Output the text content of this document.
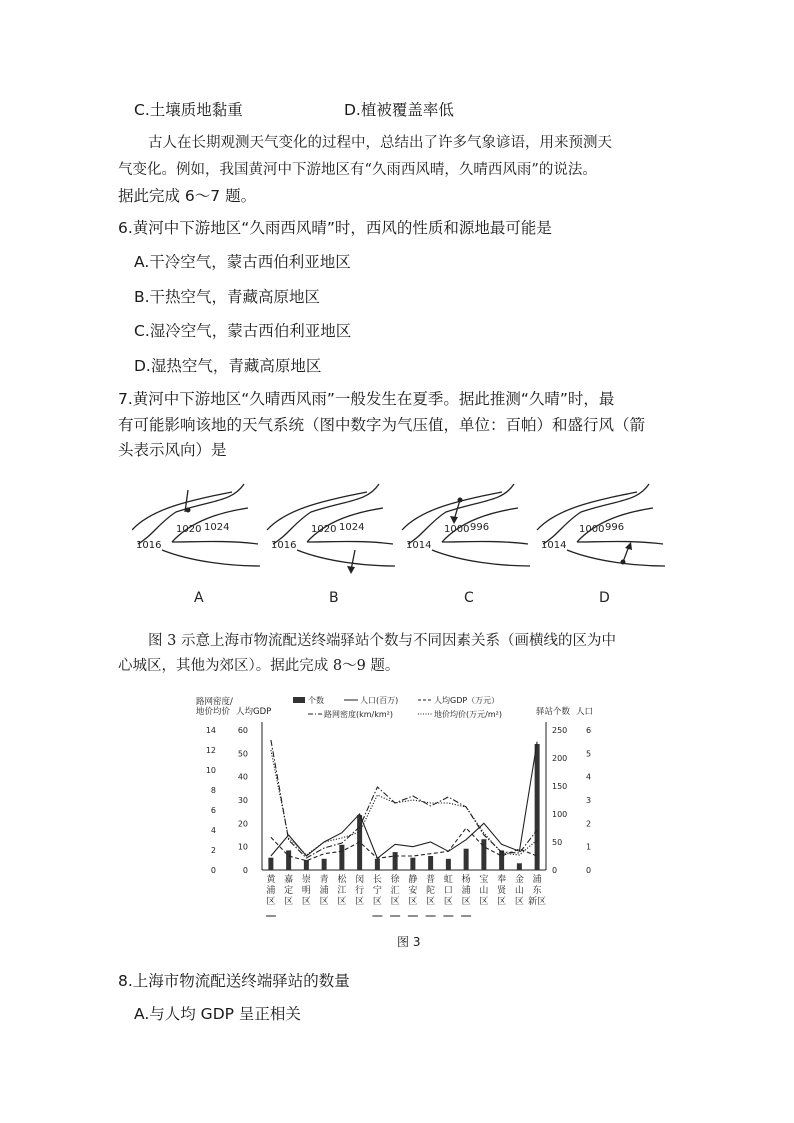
C.土壤质地黏重	D.植被覆盖率低
古人在长期观测天气变化的过程中，总结出了许多气象谚语，用来预测天
气变化。例如，我国黄河中下游地区有“久雨西风晴，久晴西风雨”的说法。
据此完成 6～7 题。
6.黄河中下游地区“久雨西风晴”时，西风的性质和源地最可能是
A.干冷空气，蒙古西伯利亚地区
B.干热空气，青藏高原地区
C.湿冷空气，蒙古西伯利亚地区
D.湿热空气，青藏高原地区
7.黄河中下游地区“久晴西风雨”一般发生在夏季。据此推测“久晴”时，最
有可能影响该地的天气系统（图中数字为气压值，单位：百帕）和盛行风（箭
头表示风向）是
1016
1020 1024
A
1016
1020 1024
B
1014
1000 996
C
1014
1000 996
D
图 3 示意上海市物流配送终端驿站个数与不同因素关系（画横线的区为中
心城区，其他为郊区）。据此完成 8～9 题。
路网密度/
地价均价 人均GDP	驿站个数 人口
个数	人口(百万)	人均GDP（万元）
路网密度(km/km²)	地价均价(万元/m²)
0
2
4
6
8
10
12
14
0
10
20
30
40
50
60
0
50
100
150
200
250
0
1
2
3
4
5
6
黄
浦
区
嘉
定
区
崇
明
区
青
浦
区
松
江
区
闵
行
区
长
宁
区
徐
汇
区
静
安
区
普
陀
区
虹
口
区
杨
浦
区
宝
山
区
奉
贤
区
金
山
区
浦
东
新区
图 3
8.上海市物流配送终端驿站的数量
A.与人均 GDP 呈正相关
